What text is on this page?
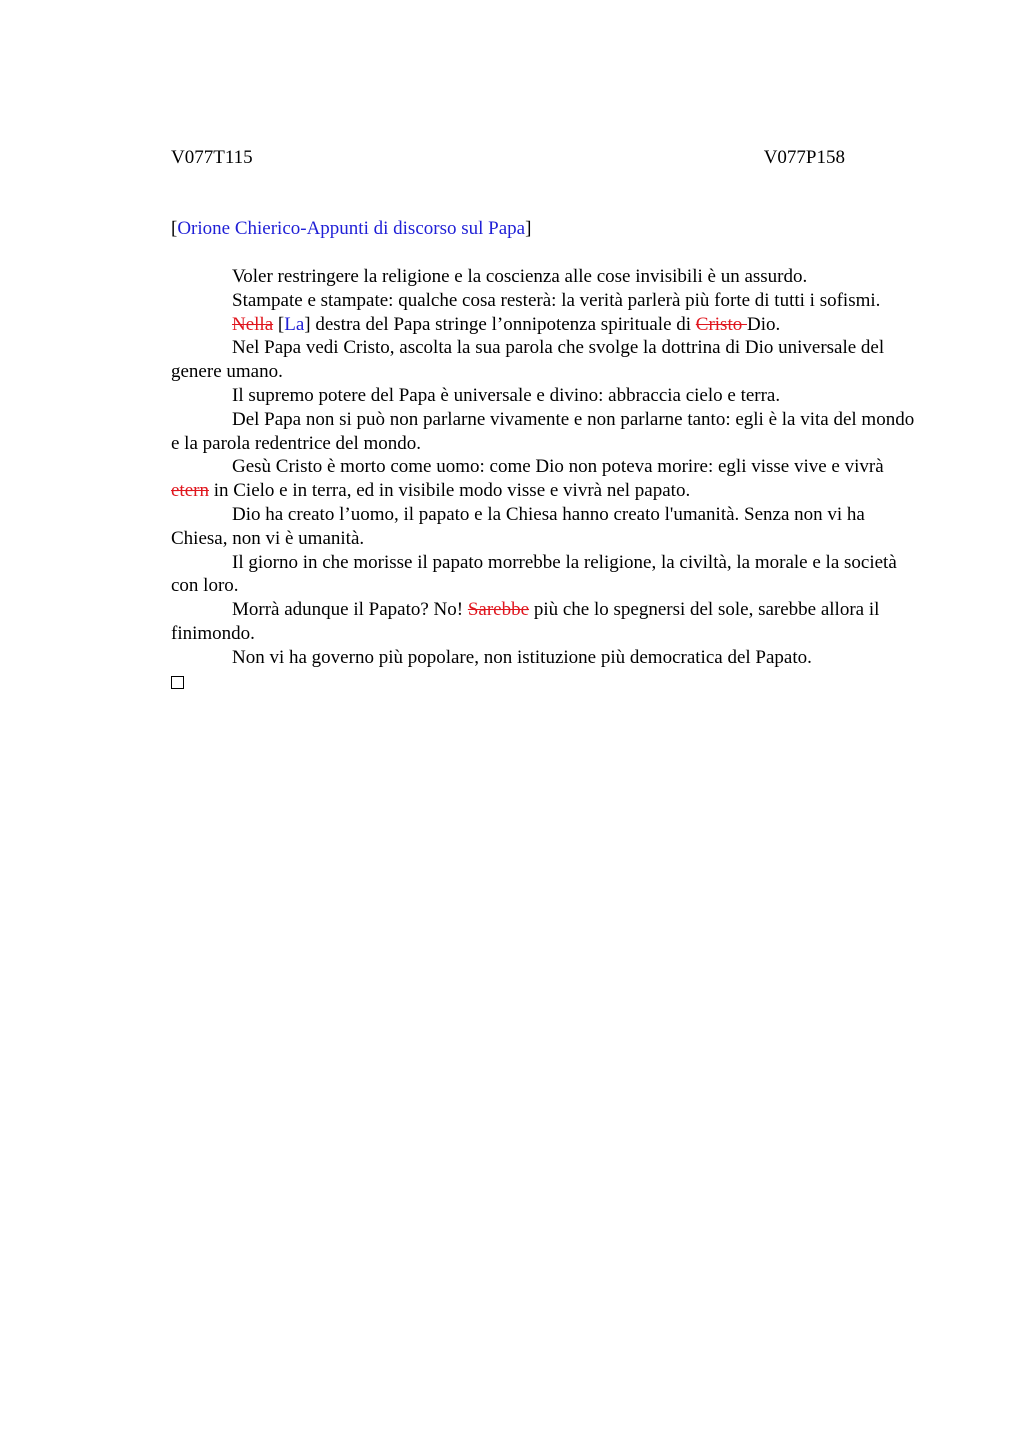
V077T115	V077P158
[Orione Chierico-Appunti di discorso sul Papa]

Voler restringere la religione e la coscienza alle cose invisibili è un assurdo.

Stampate e stampate: qualche cosa resterà: la verità parlerà più forte di tutti i sofismi.

Nella [La] destra del Papa stringe l’onnipotenza spirituale di Cristo Dio.

Nel Papa vedi Cristo, ascolta la sua parola che svolge la dottrina di Dio universale del genere umano.

Il supremo potere del Papa è universale e divino: abbraccia cielo e terra.

Del Papa non si può non parlarne vivamente e non parlarne tanto: egli è la vita del mondo e la parola redentrice del mondo.

Gesù Cristo è morto come uomo: come Dio non poteva morire: egli visse vive e vivrà etern in Cielo e in terra, ed in visibile modo visse e vivrà nel papato.

Dio ha creato l’uomo, il papato e la Chiesa hanno creato l'umanità. Senza non vi ha Chiesa, non vi è umanità.

Il giorno in che morisse il papato morrebbe la religione, la civiltà, la morale e la società con loro.

Morrà adunque il Papato? No! Sarebbe più che lo spegnersi del sole, sarebbe allora il finimondo.

Non vi ha governo più popolare, non istituzione più democratica del Papato.
